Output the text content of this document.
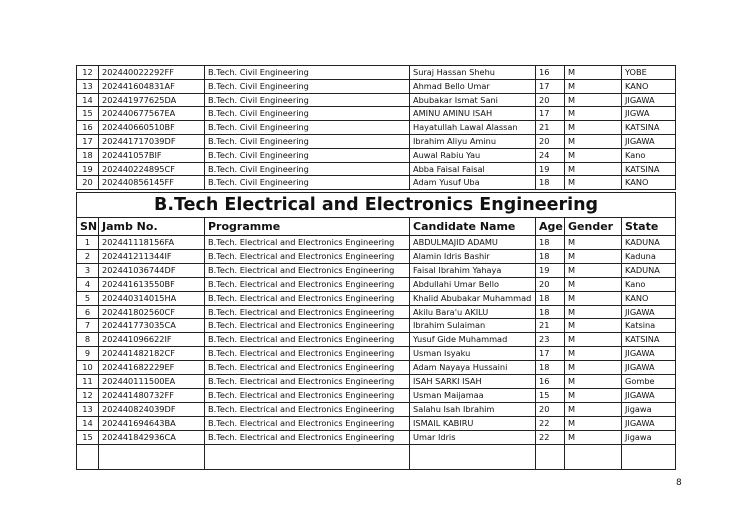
12	202440022292FF	B.Tech. Civil Engineering	Suraj Hassan Shehu	16	M	YOBE
13	202441604831AF	B.Tech. Civil Engineering	Ahmad Bello Umar	17	M	KANO
14	202441977625DA	B.Tech. Civil Engineering	Abubakar Ismat Sani	20	M	JIGAWA
15	202440677567EA	B.Tech. Civil Engineering	AMINU AMINU ISAH	17	M	JIGWA
16	202440660510BF	B.Tech. Civil Engineering	Hayatullah Lawal Alassan	21	M	KATSINA
17	202441717039DF	B.Tech. Civil Engineering	Ibrahim Aliyu Aminu	20	M	JIGAWA
18	202441057BIF	B.Tech. Civil Engineering	Auwal Rabiu Yau	24	M	Kano
19	202440224895CF	B.Tech. Civil Engineering	Abba Faisal Faisal	19	M	KATSINA
20	202440856145FF	B.Tech. Civil Engineering	Adam Yusuf Uba	18	M	KANO
B.Tech Electrical and Electronics Engineering						
SN	Jamb No.	Programme	Candidate Name	Age	Gender	State
1	202441118156FA	B.Tech. Electrical and Electronics Engineering	ABDULMAJID ADAMU	18	M	KADUNA
2	202441211344IF	B.Tech. Electrical and Electronics Engineering	Alamin Idris Bashir	18	M	Kaduna
3	202441036744DF	B.Tech. Electrical and Electronics Engineering	Faisal Ibrahim Yahaya	19	M	KADUNA
4	202441613550BF	B.Tech. Electrical and Electronics Engineering	Abdullahi Umar Bello	20	M	Kano
5	202440314015HA	B.Tech. Electrical and Electronics Engineering	Khalid Abubakar Muhammad	18	M	KANO
6	202441802560CF	B.Tech. Electrical and Electronics Engineering	Akilu Bara'u AKILU	18	M	JIGAWA
7	202441773035CA	B.Tech. Electrical and Electronics Engineering	Ibrahim Sulaiman	21	M	Katsina
8	202441096622IF	B.Tech. Electrical and Electronics Engineering	Yusuf Gide Muhammad	23	M	KATSINA
9	202441482182CF	B.Tech. Electrical and Electronics Engineering	Usman Isyaku	17	M	JIGAWA
10	202441682229EF	B.Tech. Electrical and Electronics Engineering	Adam Nayaya Hussaini	18	M	JIGAWA
11	202440111500EA	B.Tech. Electrical and Electronics Engineering	ISAH SARKI ISAH	16	M	Gombe
12	202441480732FF	B.Tech. Electrical and Electronics Engineering	Usman Maijamaa	15	M	JIGAWA
13	202440824039DF	B.Tech. Electrical and Electronics Engineering	Salahu Isah Ibrahim	20	M	Jigawa
14	202441694643BA	B.Tech. Electrical and Electronics Engineering	ISMAIL KABIRU	22	M	JIGAWA
15	202441842936CA	B.Tech. Electrical and Electronics Engineering	Umar Idris	22	M	Jigawa

8
